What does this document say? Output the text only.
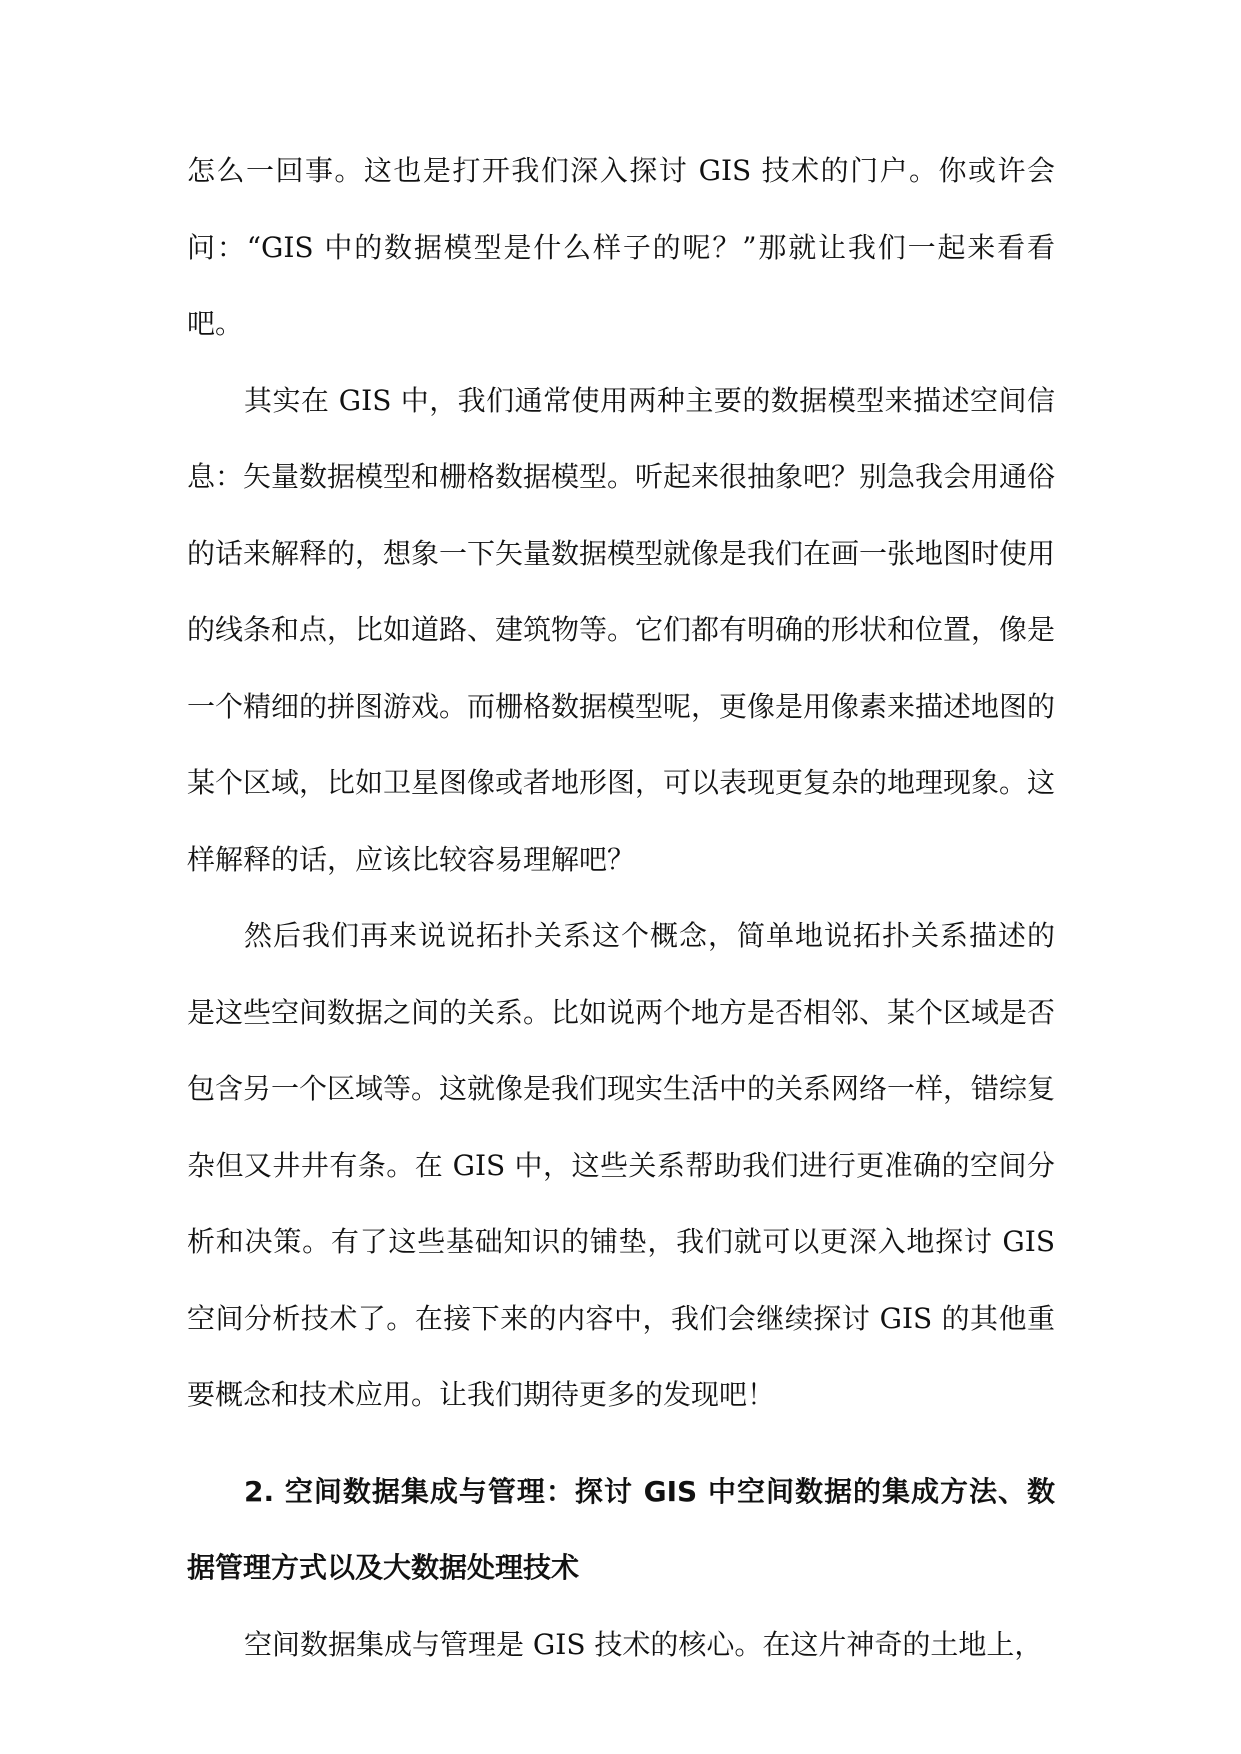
怎么一回事。这也是打开我们深入探讨 GIS 技术的门户。你或许会问：“GIS 中的数据模型是什么样子的呢？”那就让我们一起来看看吧。

其实在 GIS 中，我们通常使用两种主要的数据模型来描述空间信息：矢量数据模型和栅格数据模型。听起来很抽象吧？别急我会用通俗的话来解释的，想象一下矢量数据模型就像是我们在画一张地图时使用的线条和点，比如道路、建筑物等。它们都有明确的形状和位置，像是一个精细的拼图游戏。而栅格数据模型呢，更像是用像素来描述地图的某个区域，比如卫星图像或者地形图，可以表现更复杂的地理现象。这样解释的话，应该比较容易理解吧？

然后我们再来说说拓扑关系这个概念，简单地说拓扑关系描述的是这些空间数据之间的关系。比如说两个地方是否相邻、某个区域是否包含另一个区域等。这就像是我们现实生活中的关系网络一样，错综复杂但又井井有条。在 GIS 中，这些关系帮助我们进行更准确的空间分析和决策。有了这些基础知识的铺垫，我们就可以更深入地探讨 GIS 空间分析技术了。在接下来的内容中，我们会继续探讨 GIS 的其他重要概念和技术应用。让我们期待更多的发现吧！

2. 空间数据集成与管理：探讨 GIS 中空间数据的集成方法、数据管理方式以及大数据处理技术

空间数据集成与管理是 GIS 技术的核心。在这片神奇的土地上，
